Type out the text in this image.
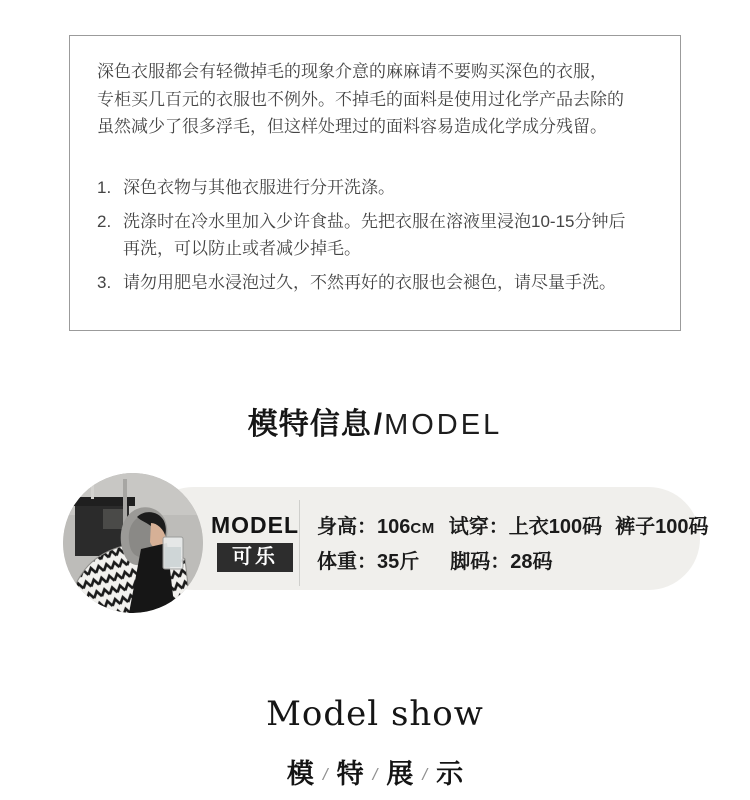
深色衣服都会有轻微掉毛的现象介意的麻麻请不要购买深色的衣服，
专柜买几百元的衣服也不例外。不掉毛的面料是使用过化学产品去除的
虽然减少了很多浮毛，但这样处理过的面料容易造成化学成分残留。
1. 深色衣物与其他衣服进行分开洗涤。
2. 洗涤时在冷水里加入少许食盐。先把衣服在溶液里浸泡10-15分钟后
再洗，可以防止或者减少掉毛。
3. 请勿用肥皂水浸泡过久，不然再好的衣服也会褪色，请尽量手洗。
模特信息/MODEL
MODEL
可乐
身高： 106 CM 试穿： 上衣100码 裤子100码
体重： 35斤 脚码： 28码
Model show
模 / 特 / 展 / 示
